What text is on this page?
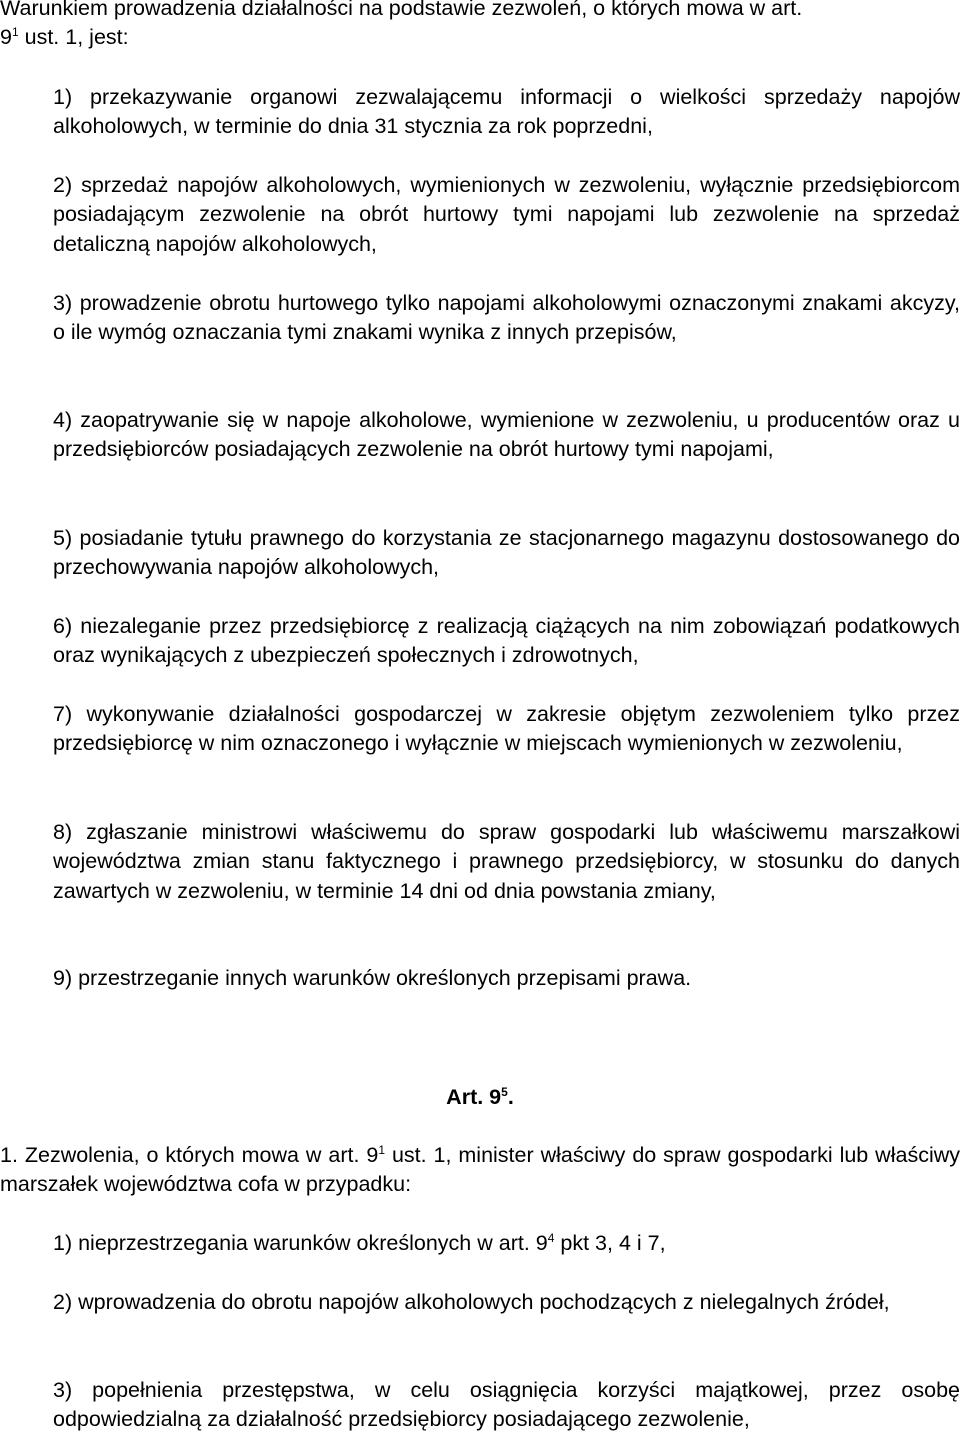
Warunkiem prowadzenia działalności na podstawie zezwoleń, o których mowa w art.
$9^1$ ust. 1, jest:

1) przekazywanie organowi zezwalającemu informacji o wielkości sprzedaży napojów alkoholowych, w terminie do dnia 31 stycznia za rok poprzedni,

2) sprzedaż napojów alkoholowych, wymienionych w zezwoleniu, wyłącznie przedsiębiorcom posiadającym zezwolenie na obrót hurtowy tymi napojami lub zezwolenie na sprzedaż detaliczną napojów alkoholowych,

3) prowadzenie obrotu hurtowego tylko napojami alkoholowymi oznaczonymi znakami akcyzy, o ile wymóg oznaczania tymi znakami wynika z innych przepisów,

4) zaopatrywanie się w napoje alkoholowe, wymienione w zezwoleniu, u producentów oraz u przedsiębiorców posiadających zezwolenie na obrót hurtowy tymi napojami,

5) posiadanie tytułu prawnego do korzystania ze stacjonarnego magazynu dostosowanego do przechowywania napojów alkoholowych,

6) niezaleganie przez przedsiębiorcę z realizacją ciążących na nim zobowiązań podatkowych oraz wynikających z ubezpieczeń społecznych i zdrowotnych,

7) wykonywanie działalności gospodarczej w zakresie objętym zezwoleniem tylko przez przedsiębiorcę w nim oznaczonego i wyłącznie w miejscach wymienionych w zezwoleniu,

8) zgłaszanie ministrowi właściwemu do spraw gospodarki lub właściwemu marszałkowi województwa zmian stanu faktycznego i prawnego przedsiębiorcy, w stosunku do danych zawartych w zezwoleniu, w terminie 14 dni od dnia powstania zmiany,

9) przestrzeganie innych warunków określonych przepisami prawa.

Art. $9^5$.

1. Zezwolenia, o których mowa w art. $9^1$ ust. 1, minister właściwy do spraw gospodarki lub właściwy marszałek województwa cofa w przypadku:

1) nieprzestrzegania warunków określonych w art. $9^4$ pkt 3, 4 i 7,

2) wprowadzenia do obrotu napojów alkoholowych pochodzących z nielegalnych źródeł,

3) popełnienia przestępstwa, w celu osiągnięcia korzyści majątkowej, przez osobę odpowiedzialną za działalność przedsiębiorcy posiadającego zezwolenie,
